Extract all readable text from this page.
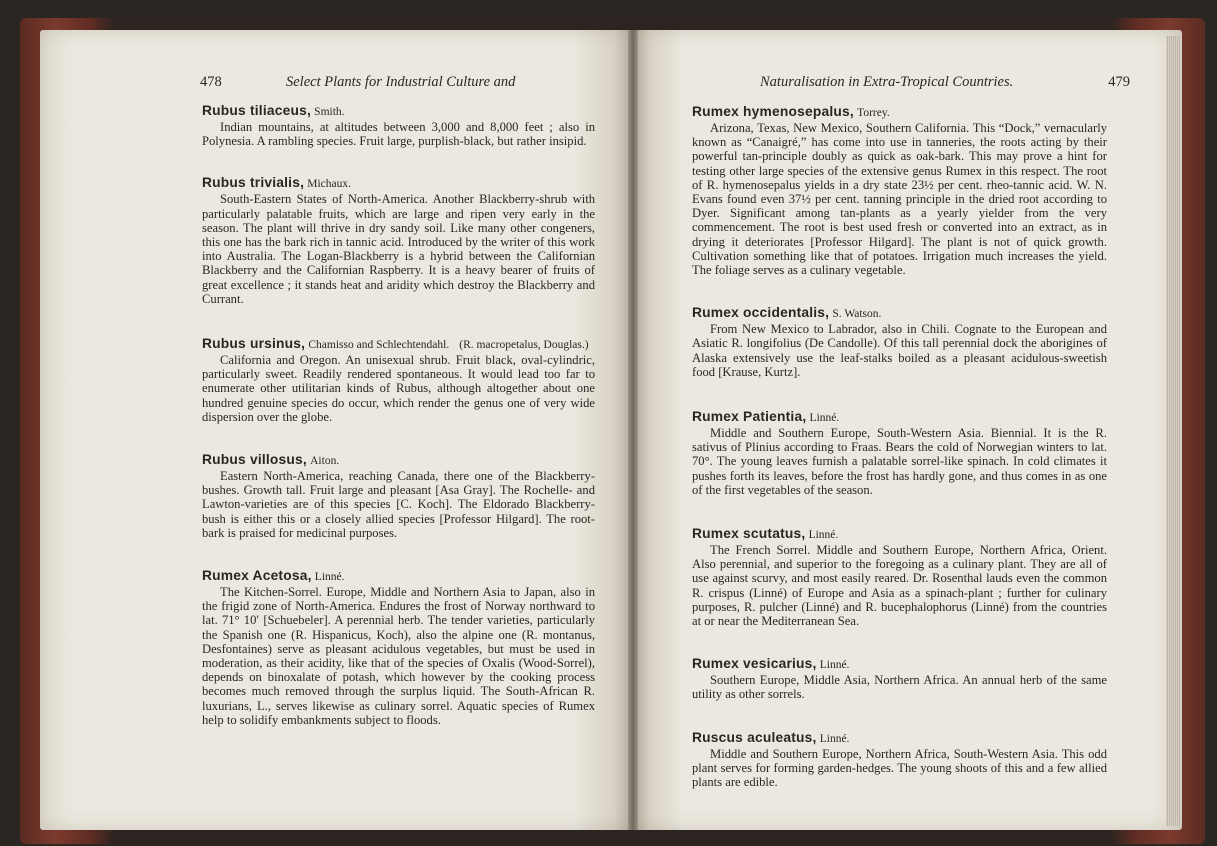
478	Select Plants for Industrial Culture and	Naturalisation in Extra-Tropical Countries.	479

Rubus tiliaceus, Smith.

Indian mountains, at altitudes between 3,000 and 8,000 feet ; also in Polynesia. A rambling species. Fruit large, purplish-black, but rather insipid.

Rubus trivialis, Michaux.

South-Eastern States of North-America. Another Blackberry-shrub with particularly palatable fruits, which are large and ripen very early in the season. The plant will thrive in dry sandy soil. Like many other congeners, this one has the bark rich in tannic acid. Introduced by the writer of this work into Australia. The Logan-Blackberry is a hybrid between the Californian Blackberry and the Californian Raspberry. It is a heavy bearer of fruits of great excellence ; it stands heat and aridity which destroy the Blackberry and Currant.

Rubus ursinus, Chamisso and Schlechtendahl. (R. macropetalus, Douglas.)

California and Oregon. An unisexual shrub. Fruit black, oval-cylindric, particularly sweet. Readily rendered spontaneous. It would lead too far to enumerate other utilitarian kinds of Rubus, although altogether about one hundred genuine species do occur, which render the genus one of very wide dispersion over the globe.

Rubus villosus, Aiton.

Eastern North-America, reaching Canada, there one of the Blackberry-bushes. Growth tall. Fruit large and pleasant [Asa Gray]. The Rochelle- and Lawton-varieties are of this species [C. Koch]. The Eldorado Blackberry-bush is either this or a closely allied species [Professor Hilgard]. The root-bark is praised for medicinal purposes.

Rumex Acetosa, Linné.

The Kitchen-Sorrel. Europe, Middle and Northern Asia to Japan, also in the frigid zone of North-America. Endures the frost of Norway northward to lat. 71° 10′ [Schuebeler]. A perennial herb. The tender varieties, particularly the Spanish one (R. Hispanicus, Koch), also the alpine one (R. montanus, Desfontaines) serve as pleasant acidulous vegetables, but must be used in moderation, as their acidity, like that of the species of Oxalis (Wood-Sorrel), depends on binoxalate of potash, which however by the cooking process becomes much removed through the surplus liquid. The South-African R. luxurians, L., serves likewise as culinary sorrel. Aquatic species of Rumex help to solidify embankments subject to floods.

Rumex hymenosepalus, Torrey.

Arizona, Texas, New Mexico, Southern California. This “Dock,” vernacularly known as “Canaigré,” has come into use in tanneries, the roots acting by their powerful tan-principle doubly as quick as oak-bark. This may prove a hint for testing other large species of the extensive genus Rumex in this respect. The root of R. hymenosepalus yields in a dry state 23½ per cent. rheo-tannic acid. W. N. Evans found even 37½ per cent. tanning principle in the dried root according to Dyer. Significant among tan-plants as a yearly yielder from the very commencement. The root is best used fresh or converted into an extract, as in drying it deteriorates [Professor Hilgard]. The plant is not of quick growth. Cultivation something like that of potatoes. Irrigation much increases the yield. The foliage serves as a culinary vegetable.

Rumex occidentalis, S. Watson.

From New Mexico to Labrador, also in Chili. Cognate to the European and Asiatic R. longifolius (De Candolle). Of this tall perennial dock the aborigines of Alaska extensively use the leaf-stalks boiled as a pleasant acidulous-sweetish food [Krause, Kurtz].

Rumex Patientia, Linné.

Middle and Southern Europe, South-Western Asia. Biennial. It is the R. sativus of Plinius according to Fraas. Bears the cold of Norwegian winters to lat. 70°. The young leaves furnish a palatable sorrel-like spinach. In cold climates it pushes forth its leaves, before the frost has hardly gone, and thus comes in as one of the first vegetables of the season.

Rumex scutatus, Linné.

The French Sorrel. Middle and Southern Europe, Northern Africa, Orient. Also perennial, and superior to the foregoing as a culinary plant. They are all of use against scurvy, and most easily reared. Dr. Rosenthal lauds even the common R. crispus (Linné) of Europe and Asia as a spinach-plant ; further for culinary purposes, R. pulcher (Linné) and R. bucephalophorus (Linné) from the countries at or near the Mediterranean Sea.

Rumex vesicarius, Linné.

Southern Europe, Middle Asia, Northern Africa. An annual herb of the same utility as other sorrels.

Ruscus aculeatus, Linné.

Middle and Southern Europe, Northern Africa, South-Western Asia. This odd plant serves for forming garden-hedges. The young shoots of this and a few allied plants are edible.
